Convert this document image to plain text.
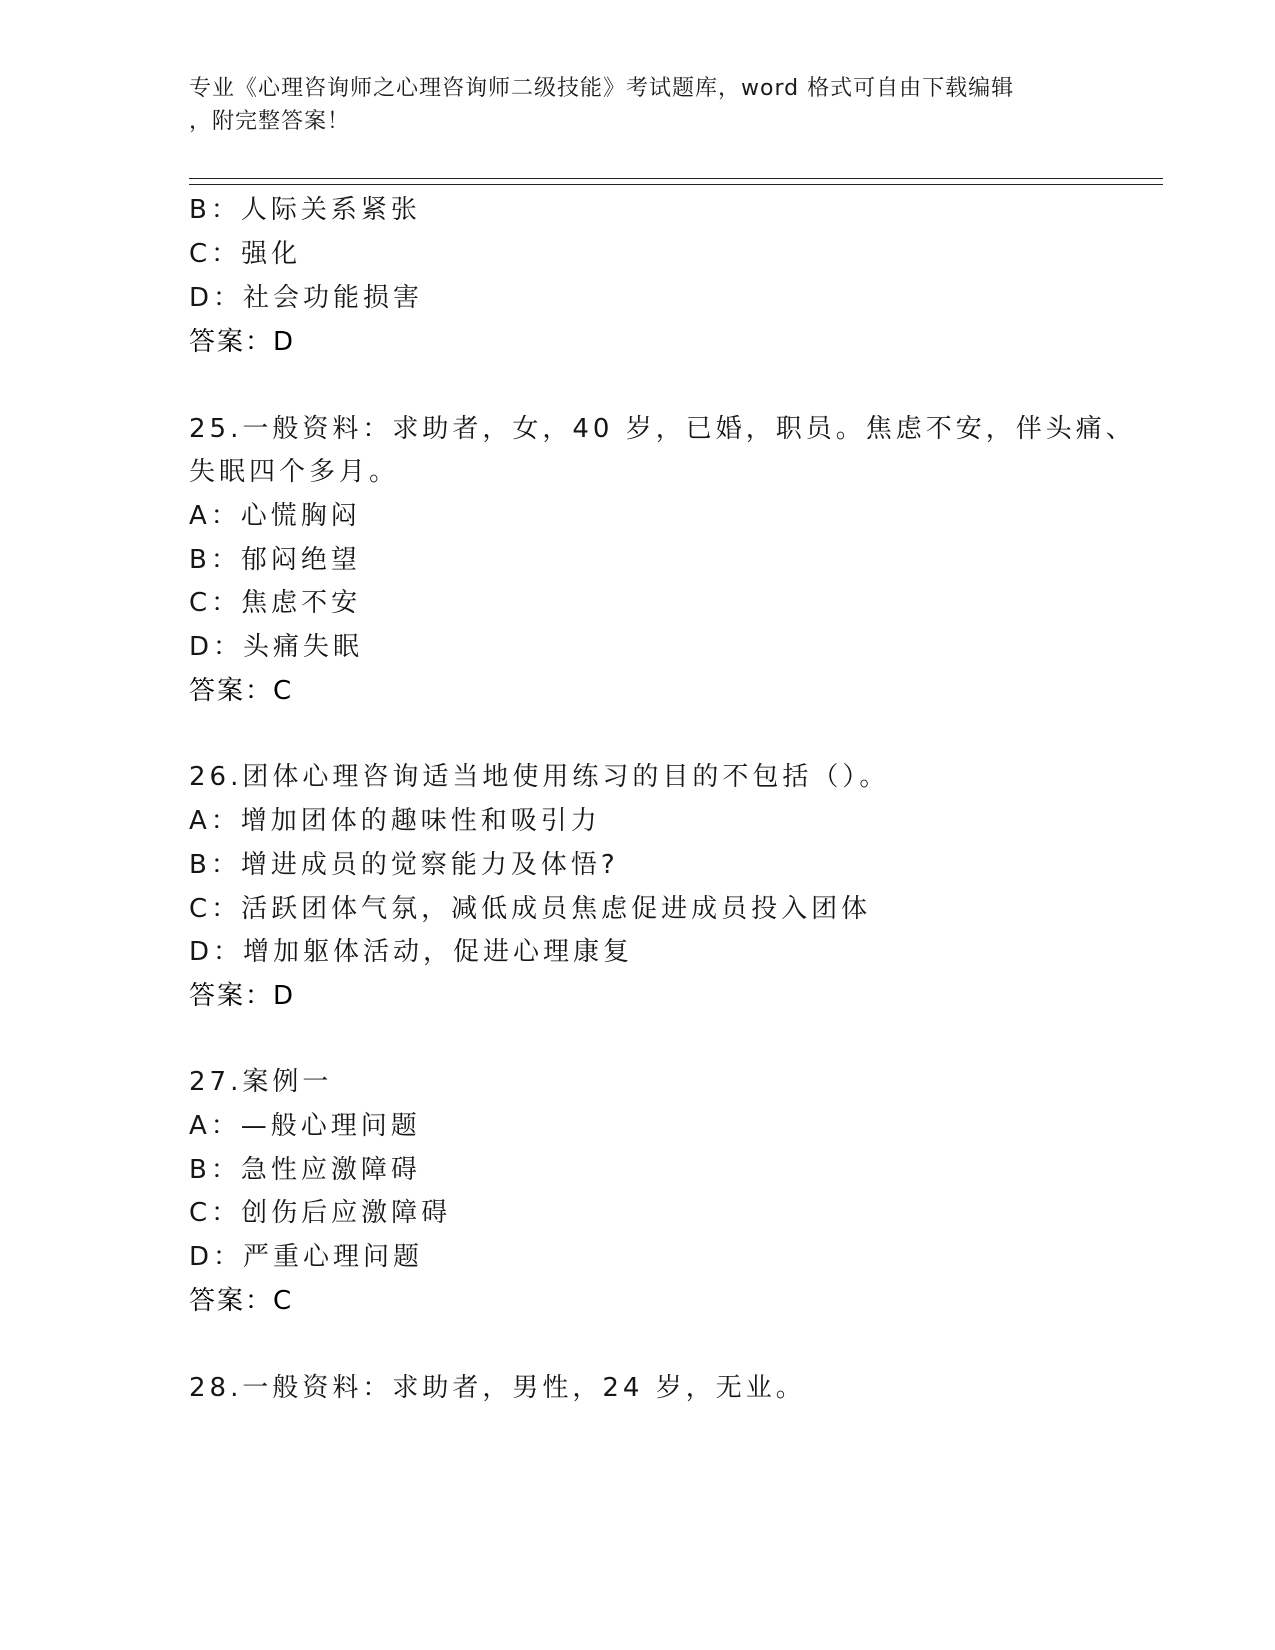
专业《心理咨询师之心理咨询师二级技能》考试题库，word 格式可自由下载编辑
，附完整答案！
B：人际关系紧张
C：强化
D：社会功能损害
答案：D
25.一般资料：求助者，女，40 岁，已婚，职员。焦虑不安，伴头痛、
失眠四个多月。
A：心慌胸闷
B：郁闷绝望
C：焦虑不安
D：头痛失眠
答案：C
26.团体心理咨询适当地使用练习的目的不包括（）。
A：增加团体的趣味性和吸引力
B：增进成员的觉察能力及体悟?
C：活跃团体气氛，减低成员焦虑促进成员投入团体
D：增加躯体活动，促进心理康复
答案：D
27.案例一
A：—般心理问题
B：急性应激障碍
C：创伤后应激障碍
D：严重心理问题
答案：C
28.一般资料：求助者，男性，24 岁，无业。
